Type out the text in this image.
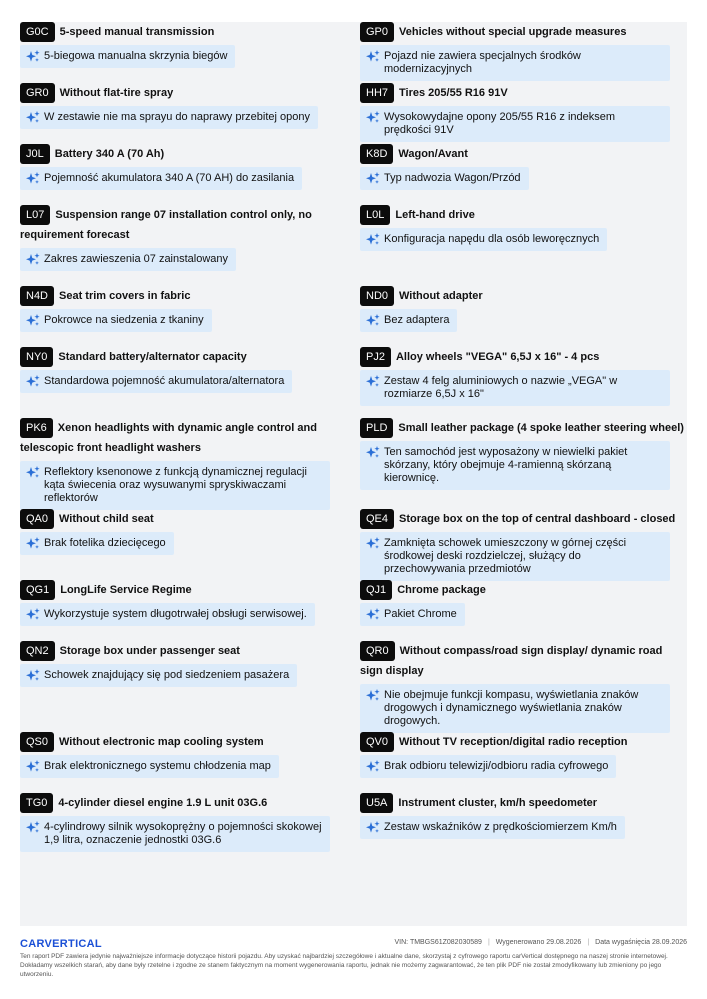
G0C 5-speed manual transmission
5-biegowa manualna skrzynia biegów
GR0 Without flat-tire spray
W zestawie nie ma sprayu do naprawy przebitej opony
J0L Battery 340 A (70 Ah)
Pojemność akumulatora 340 A (70 AH) do zasilania
L07 Suspension range 07 installation control only, no requirement forecast
Zakres zawieszenia 07 zainstalowany
N4D Seat trim covers in fabric
Pokrowce na siedzenia z tkaniny
NY0 Standard battery/alternator capacity
Standardowa pojemność akumulatora/alternatora
PK6 Xenon headlights with dynamic angle control and telescopic front headlight washers
Reflektory ksenonowe z funkcją dynamicznej regulacji kąta świecenia oraz wysuwanymi spryskiwaczami reflektorów
QA0 Without child seat
Brak fotelika dziecięcego
QG1 LongLife Service Regime
Wykorzystuje system długotrwałej obsługi serwisowej.
QN2 Storage box under passenger seat
Schowek znajdujący się pod siedzeniem pasażera
QS0 Without electronic map cooling system
Brak elektronicznego systemu chłodzenia map
TG0 4-cylinder diesel engine 1.9 L unit 03G.6
4-cylindrowy silnik wysokoprężny o pojemności skokowej 1,9 litra, oznaczenie jednostki 03G.6
GP0 Vehicles without special upgrade measures
Pojazd nie zawiera specjalnych środków modernizacyjnych
HH7 Tires 205/55 R16 91V
Wysokowydajne opony 205/55 R16 z indeksem prędkości 91V
K8D Wagon/Avant
Typ nadwozia Wagon/Przód
L0L Left-hand drive
Konfiguracja napędu dla osób leworęcznych
ND0 Without adapter
Bez adaptera
PJ2 Alloy wheels "VEGA" 6,5J x 16" - 4 pcs
Zestaw 4 felg aluminiowych o nazwie „VEGA" w rozmiarze 6,5J x 16"
PLD Small leather package (4 spoke leather steering wheel)
Ten samochód jest wyposażony w niewielki pakiet skórzany, który obejmuje 4-ramienną skórzaną kierownicę.
QE4 Storage box on the top of central dashboard - closed
Zamknięta schowek umieszczony w górnej części środkowej deski rozdzielczej, służący do przechowywania przedmiotów
QJ1 Chrome package
Pakiet Chrome
QR0 Without compass/road sign display/ dynamic road sign display
Nie obejmuje funkcji kompasu, wyświetlania znaków drogowych i dynamicznego wyświetlania znaków drogowych.
QV0 Without TV reception/digital radio reception
Brak odbioru telewizji/odbioru radia cyfrowego
U5A Instrument cluster, km/h speedometer
Zestaw wskaźników z prędkościomierzem Km/h
CARVERTICAL	VIN: TMBGS61Z082030589 | Wygenerowano 29.08.2026 | Data wygaśnięcia 28.09.2026
Ten raport PDF zawiera jedynie najważniejsze informacje dotyczące historii pojazdu. Aby uzyskać najbardziej szczegółowe i aktualne dane, skorzystaj z cyfrowego raportu carVertical dostępnego na naszej stronie internetowej. Dokładamy wszelkich starań, aby dane były rzetelne i zgodne ze stanem faktycznym na moment wygenerowania raportu, jednak nie możemy zagwarantować, że ten plik PDF nie został zmodyfikowany lub zmieniony po jego utworzeniu.
